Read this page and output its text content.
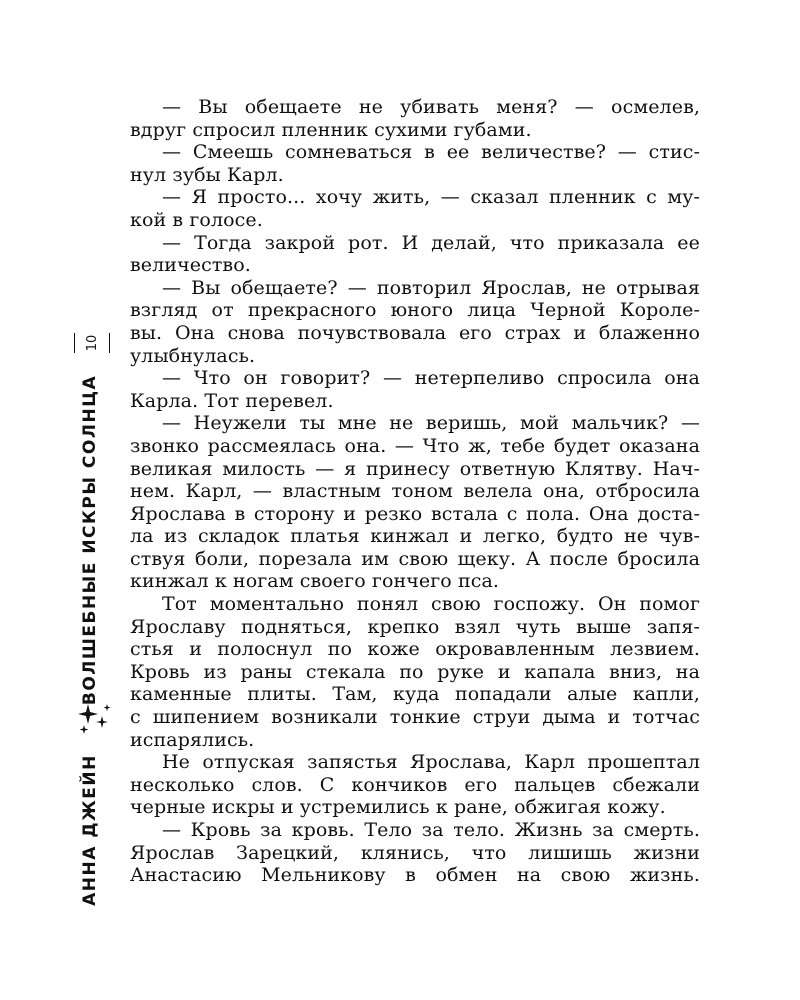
— Вы обещаете не убивать меня? — осмелев,
вдруг спросил пленник сухими губами.
— Смеешь сомневаться в ее величестве? — стис-
нул зубы Карл.
— Я просто... хочу жить, — сказал пленник с му-
кой в голосе.
— Тогда закрой рот. И делай, что приказала ее
величество.
— Вы обещаете? — повторил Ярослав, не отрывая
взгляд от прекрасного юного лица Черной Короле-
вы. Она снова почувствовала его страх и блаженно
улыбнулась.
— Что он говорит? — нетерпеливо спросила она
Карла. Тот перевел.
— Неужели ты мне не веришь, мой мальчик? —
звонко рассмеялась она. — Что ж, тебе будет оказана
великая милость — я принесу ответную Клятву. Нач-
нем. Карл, — властным тоном велела она, отбросила
Ярослава в сторону и резко встала с пола. Она доста-
ла из складок платья кинжал и легко, будто не чув-
ствуя боли, порезала им свою щеку. А после бросила
кинжал к ногам своего гончего пса.
Тот моментально понял свою госпожу. Он помог
Ярославу подняться, крепко взял чуть выше запя-
стья и полоснул по коже окровавленным лезвием.
Кровь из раны стекала по руке и капала вниз, на
каменные плиты. Там, куда попадали алые капли,
с шипением возникали тонкие струи дыма и тотчас
испарялись.
Не отпуская запястья Ярослава, Карл прошептал
несколько слов. С кончиков его пальцев сбежали
черные искры и устремились к ране, обжигая кожу.
— Кровь за кровь. Тело за тело. Жизнь за смерть.
Ярослав Зарецкий, клянись, что лишишь жизни
Анастасию Мельникову в обмен на свою жизнь.
10
ВОЛШЕБНЫЕ ИСКРЫ СОЛНЦА
АННА ДЖЕЙН
